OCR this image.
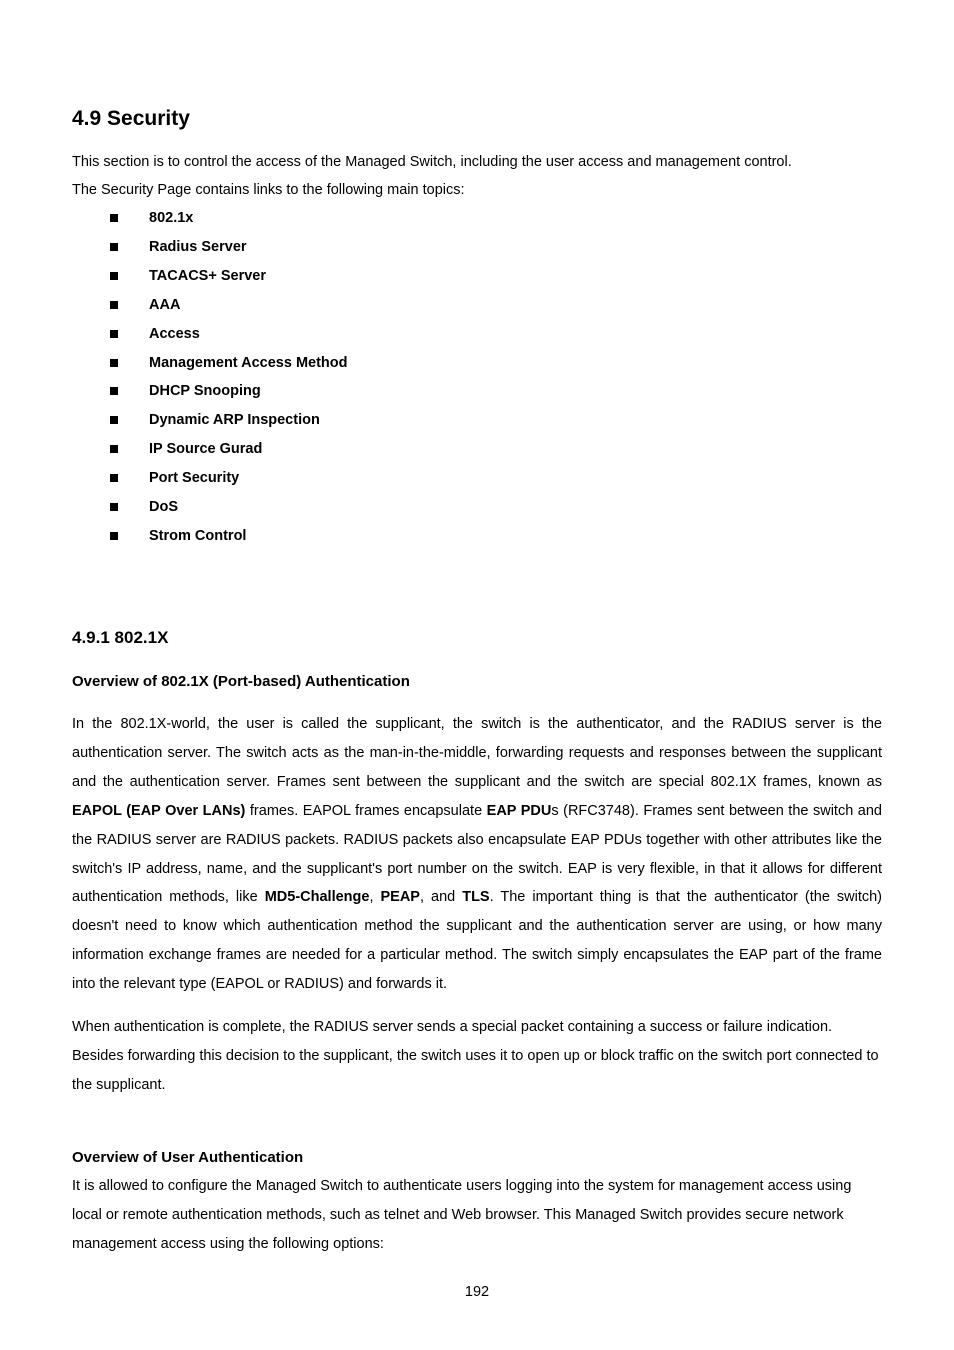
4.9 Security

This section is to control the access of the Managed Switch, including the user access and management control.

The Security Page contains links to the following main topics:

802.1x
Radius Server
TACACS+ Server
AAA
Access
Management Access Method
DHCP Snooping
Dynamic ARP Inspection
IP Source Gurad
Port Security
DoS
Strom Control
4.9.1 802.1X
Overview of 802.1X (Port-based) Authentication

In the 802.1X-world, the user is called the supplicant, the switch is the authenticator, and the RADIUS server is the authentication server. The switch acts as the man-in-the-middle, forwarding requests and responses between the supplicant and the authentication server. Frames sent between the supplicant and the switch are special 802.1X frames, known as EAPOL (EAP Over LANs) frames. EAPOL frames encapsulate EAP PDUs (RFC3748). Frames sent between the switch and the RADIUS server are RADIUS packets. RADIUS packets also encapsulate EAP PDUs together with other attributes like the switch's IP address, name, and the supplicant's port number on the switch. EAP is very flexible, in that it allows for different authentication methods, like MD5-Challenge, PEAP, and TLS. The important thing is that the authenticator (the switch) doesn't need to know which authentication method the supplicant and the authentication server are using, or how many information exchange frames are needed for a particular method. The switch simply encapsulates the EAP part of the frame into the relevant type (EAPOL or RADIUS) and forwards it.

When authentication is complete, the RADIUS server sends a special packet containing a success or failure indication. Besides forwarding this decision to the supplicant, the switch uses it to open up or block traffic on the switch port connected to the supplicant.

Overview of User Authentication

It is allowed to configure the Managed Switch to authenticate users logging into the system for management access using local or remote authentication methods, such as telnet and Web browser. This Managed Switch provides secure network management access using the following options:

192
